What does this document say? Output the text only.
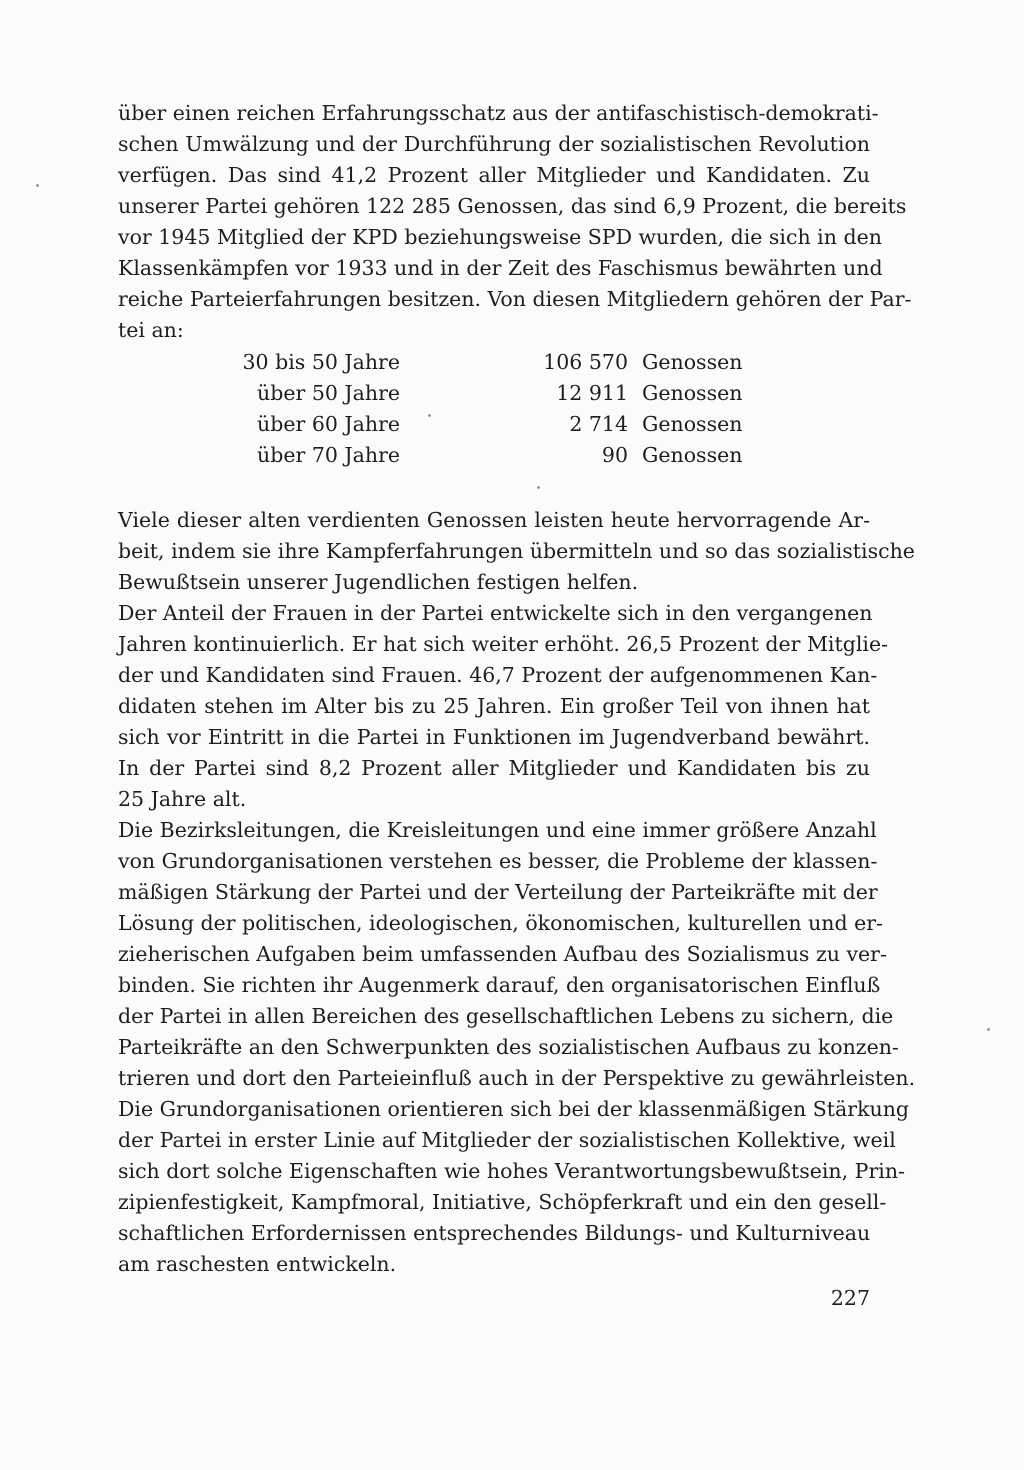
über einen reichen Erfahrungsschatz aus der antifaschistisch-demokrati-
schen Umwälzung und der Durchführung der sozialistischen Revolution
verfügen. Das sind 41,2 Prozent aller Mitglieder und Kandidaten. Zu
unserer Partei gehören 122 285 Genossen, das sind 6,9 Prozent, die bereits
vor 1945 Mitglied der KPD beziehungsweise SPD wurden, die sich in den
Klassenkämpfen vor 1933 und in der Zeit des Faschismus bewährten und
reiche Parteierfahrungen besitzen. Von diesen Mitgliedern gehören der Par-
tei an:
30 bis 50 Jahre	106 570	Genossen
über 50 Jahre	12 911	Genossen
über 60 Jahre	2 714	Genossen
über 70 Jahre	90	Genossen
Viele dieser alten verdienten Genossen leisten heute hervorragende Ar-
beit, indem sie ihre Kampferfahrungen übermitteln und so das sozialistische
Bewußtsein unserer Jugendlichen festigen helfen.
Der Anteil der Frauen in der Partei entwickelte sich in den vergangenen
Jahren kontinuierlich. Er hat sich weiter erhöht. 26,5 Prozent der Mitglie-
der und Kandidaten sind Frauen. 46,7 Prozent der aufgenommenen Kan-
didaten stehen im Alter bis zu 25 Jahren. Ein großer Teil von ihnen hat
sich vor Eintritt in die Partei in Funktionen im Jugendverband bewährt.
In der Partei sind 8,2 Prozent aller Mitglieder und Kandidaten bis zu
25 Jahre alt.
Die Bezirksleitungen, die Kreisleitungen und eine immer größere Anzahl
von Grundorganisationen verstehen es besser, die Probleme der klassen-
mäßigen Stärkung der Partei und der Verteilung der Parteikräfte mit der
Lösung der politischen, ideologischen, ökonomischen, kulturellen und er-
zieherischen Aufgaben beim umfassenden Aufbau des Sozialismus zu ver-
binden. Sie richten ihr Augenmerk darauf, den organisatorischen Einfluß
der Partei in allen Bereichen des gesellschaftlichen Lebens zu sichern, die
Parteikräfte an den Schwerpunkten des sozialistischen Aufbaus zu konzen-
trieren und dort den Parteieinfluß auch in der Perspektive zu gewährleisten.
Die Grundorganisationen orientieren sich bei der klassenmäßigen Stärkung
der Partei in erster Linie auf Mitglieder der sozialistischen Kollektive, weil
sich dort solche Eigenschaften wie hohes Verantwortungsbewußtsein, Prin-
zipienfestigkeit, Kampfmoral, Initiative, Schöpferkraft und ein den gesell-
schaftlichen Erfordernissen entsprechendes Bildungs- und Kulturniveau
am raschesten entwickeln.
227
